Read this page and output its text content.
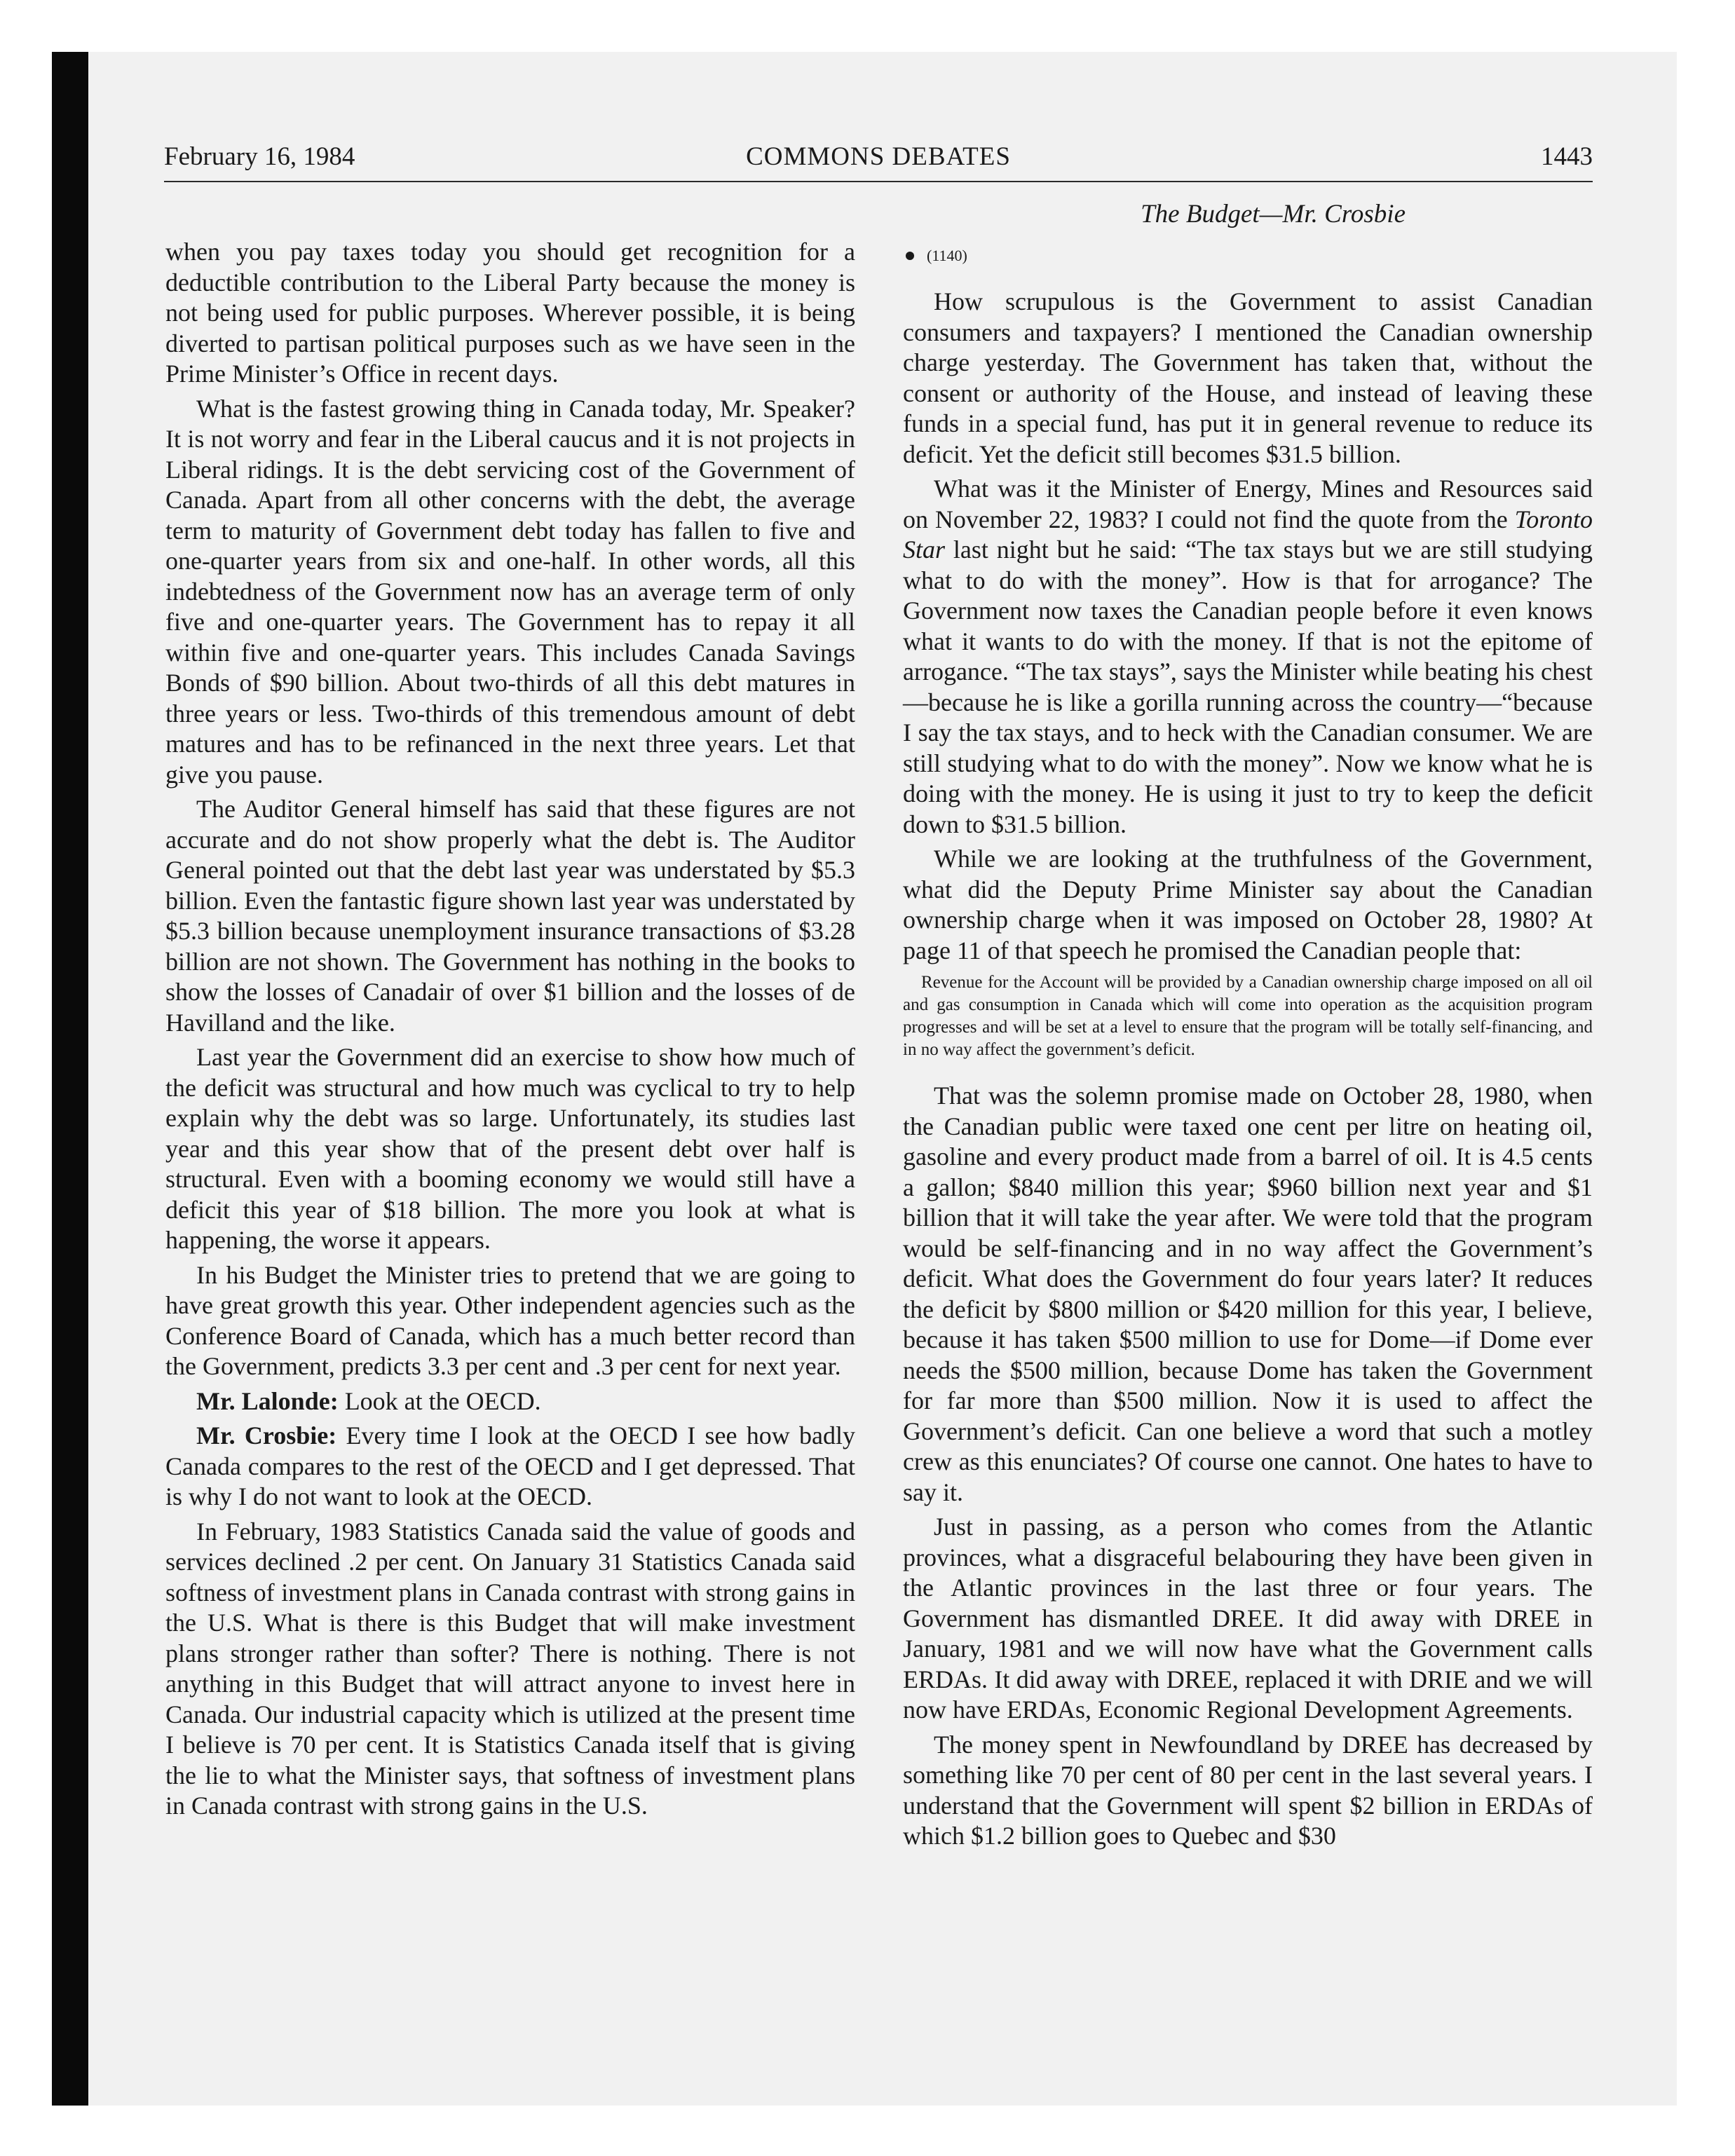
COMMONS DEBATES
February 16, 1984	1443
The Budget—Mr. Crosbie

when you pay taxes today you should get recognition for a deductible contribution to the Liberal Party because the money is not being used for public purposes. Wherever possible, it is being diverted to partisan political purposes such as we have seen in the Prime Minister’s Office in recent days.

What is the fastest growing thing in Canada today, Mr. Speaker? It is not worry and fear in the Liberal caucus and it is not projects in Liberal ridings. It is the debt servicing cost of the Government of Canada. Apart from all other concerns with the debt, the average term to maturity of Government debt today has fallen to five and one-quarter years from six and one-half. In other words, all this indebtedness of the Government now has an average term of only five and one-quarter years. The Government has to repay it all within five and one-quarter years. This includes Canada Savings Bonds of $90 billion. About two-thirds of all this debt matures in three years or less. Two-thirds of this tremendous amount of debt matures and has to be refinanced in the next three years. Let that give you pause.

The Auditor General himself has said that these figures are not accurate and do not show properly what the debt is. The Auditor General pointed out that the debt last year was understated by $5.3 billion. Even the fantastic figure shown last year was understated by $5.3 billion because unemployment insurance transactions of $3.28 billion are not shown. The Government has nothing in the books to show the losses of Canadair of over $1 billion and the losses of de Havilland and the like.

Last year the Government did an exercise to show how much of the deficit was structural and how much was cyclical to try to help explain why the debt was so large. Unfortunately, its studies last year and this year show that of the present debt over half is structural. Even with a booming economy we would still have a deficit this year of $18 billion. The more you look at what is happening, the worse it appears.

In his Budget the Minister tries to pretend that we are going to have great growth this year. Other independent agencies such as the Conference Board of Canada, which has a much better record than the Government, predicts 3.3 per cent and .3 per cent for next year.

Mr. Lalonde: Look at the OECD.

Mr. Crosbie: Every time I look at the OECD I see how badly Canada compares to the rest of the OECD and I get depressed. That is why I do not want to look at the OECD.

In February, 1983 Statistics Canada said the value of goods and services declined .2 per cent. On January 31 Statistics Canada said softness of investment plans in Canada contrast with strong gains in the U.S. What is there is this Budget that will make investment plans stronger rather than softer? There is nothing. There is not anything in this Budget that will attract anyone to invest here in Canada. Our industrial capacity which is utilized at the present time I believe is 70 per cent. It is Statistics Canada itself that is giving the lie to what the Minister says, that softness of investment plans in Canada contrast with strong gains in the U.S.

(1140)

How scrupulous is the Government to assist Canadian consumers and taxpayers? I mentioned the Canadian ownership charge yesterday. The Government has taken that, without the consent or authority of the House, and instead of leaving these funds in a special fund, has put it in general revenue to reduce its deficit. Yet the deficit still becomes $31.5 billion.

What was it the Minister of Energy, Mines and Resources said on November 22, 1983? I could not find the quote from the Toronto Star last night but he said: “The tax stays but we are still studying what to do with the money”. How is that for arrogance? The Government now taxes the Canadian people before it even knows what it wants to do with the money. If that is not the epitome of arrogance. “The tax stays”, says the Minister while beating his chest—because he is like a gorilla running across the country—“because I say the tax stays, and to heck with the Canadian consumer. We are still studying what to do with the money”. Now we know what he is doing with the money. He is using it just to try to keep the deficit down to $31.5 billion.

While we are looking at the truthfulness of the Government, what did the Deputy Prime Minister say about the Canadian ownership charge when it was imposed on October 28, 1980? At page 11 of that speech he promised the Canadian people that:

Revenue for the Account will be provided by a Canadian ownership charge imposed on all oil and gas consumption in Canada which will come into operation as the acquisition program progresses and will be set at a level to ensure that the program will be totally self-financing, and in no way affect the government’s deficit.

That was the solemn promise made on October 28, 1980, when the Canadian public were taxed one cent per litre on heating oil, gasoline and every product made from a barrel of oil. It is 4.5 cents a gallon; $840 million this year; $960 billion next year and $1 billion that it will take the year after. We were told that the program would be self-financing and in no way affect the Government’s deficit. What does the Government do four years later? It reduces the deficit by $800 million or $420 million for this year, I believe, because it has taken $500 million to use for Dome—if Dome ever needs the $500 million, because Dome has taken the Government for far more than $500 million. Now it is used to affect the Government’s deficit. Can one believe a word that such a motley crew as this enunciates? Of course one cannot. One hates to have to say it.

Just in passing, as a person who comes from the Atlantic provinces, what a disgraceful belabouring they have been given in the Atlantic provinces in the last three or four years. The Government has dismantled DREE. It did away with DREE in January, 1981 and we will now have what the Government calls ERDAs. It did away with DREE, replaced it with DRIE and we will now have ERDAs, Economic Regional Development Agreements.

The money spent in Newfoundland by DREE has decreased by something like 70 per cent of 80 per cent in the last several years. I understand that the Government will spent $2 billion in ERDAs of which $1.2 billion goes to Quebec and $30
